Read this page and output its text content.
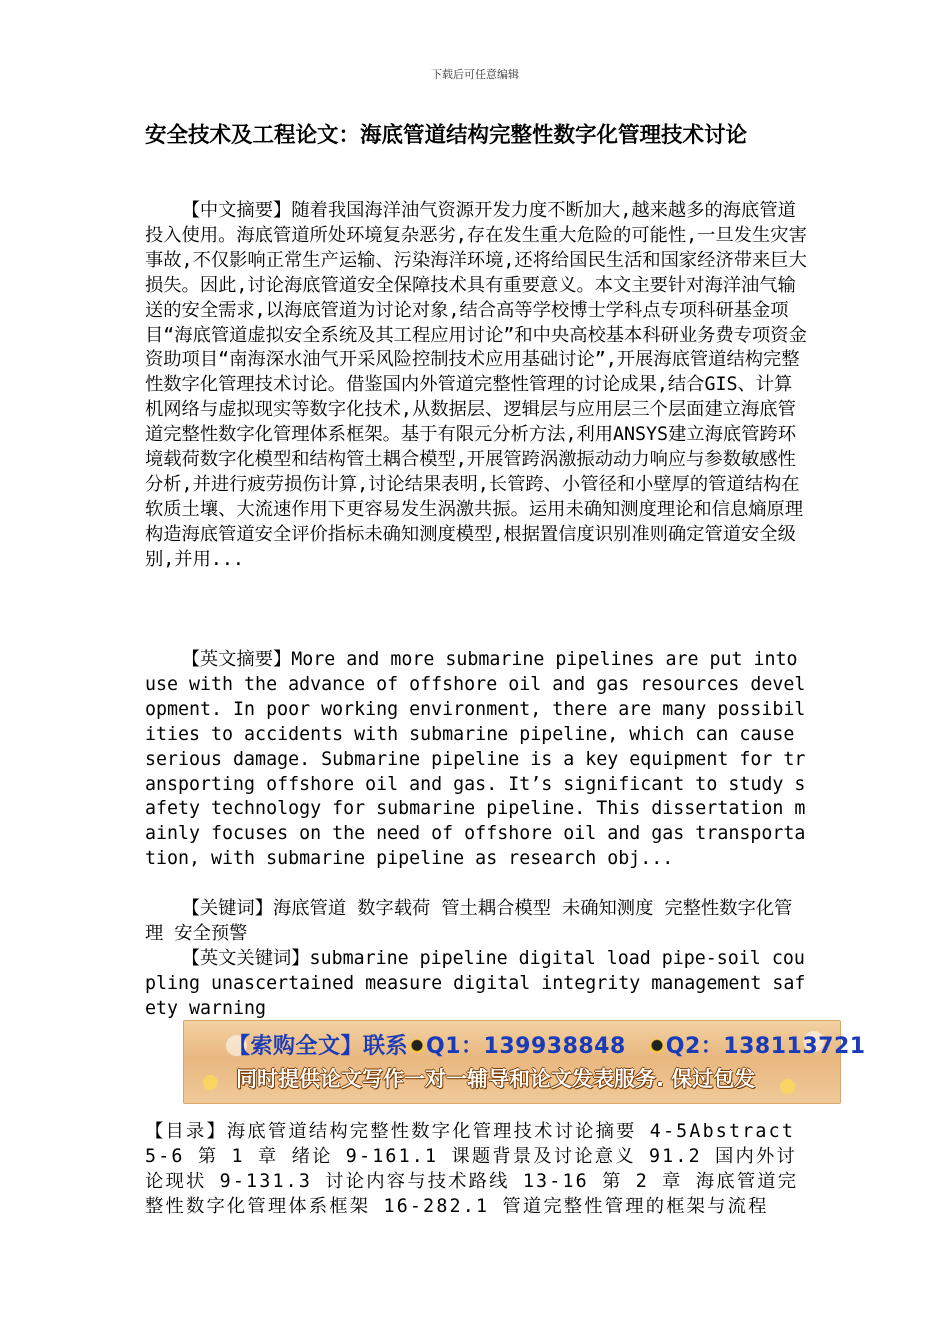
下载后可任意编辑
安全技术及工程论文：海底管道结构完整性数字化管理技术讨论

【中文摘要】随着我国海洋油气资源开发力度不断加大,越来越多的海底管道投入使用。海底管道所处环境复杂恶劣,存在发生重大危险的可能性,一旦发生灾害事故,不仅影响正常生产运输、污染海洋环境,还将给国民生活和国家经济带来巨大损失。因此,讨论海底管道安全保障技术具有重要意义。本文主要针对海洋油气输送的安全需求,以海底管道为讨论对象,结合高等学校博士学科点专项科研基金项目“海底管道虚拟安全系统及其工程应用讨论”和中央高校基本科研业务费专项资金资助项目“南海深水油气开采风险控制技术应用基础讨论”,开展海底管道结构完整性数字化管理技术讨论。借鉴国内外管道完整性管理的讨论成果,结合GIS、计算机网络与虚拟现实等数字化技术,从数据层、逻辑层与应用层三个层面建立海底管道完整性数字化管理体系框架。基于有限元分析方法,利用ANSYS建立海底管跨环境载荷数字化模型和结构管土耦合模型,开展管跨涡激振动动力响应与参数敏感性分析,并进行疲劳损伤计算,讨论结果表明,长管跨、小管径和小壁厚的管道结构在软质土壤、大流速作用下更容易发生涡激共振。运用未确知测度理论和信息熵原理构造海底管道安全评价指标未确知测度模型,根据置信度识别准则确定管道安全级别,并用...

【英文摘要】More and more submarine pipelines are put into use with the advance of offshore oil and gas resources development. In poor working environment, there are many possibilities to accidents with submarine pipeline, which can cause serious damage. Submarine pipeline is a key equipment for transporting offshore oil and gas. It’s significant to study safety technology for submarine pipeline. This dissertation mainly focuses on the need of offshore oil and gas transportation, with submarine pipeline as research obj...

【关键词】海底管道 数字载荷 管土耦合模型 未确知测度 完整性数字化管理 安全预警

【英文关键词】submarine pipeline digital load pipe-soil coupling unascertained measure digital integrity management safety warning

【索购全文】联系 Q1：139938848 Q2：138113721
同时提供论文写作一对一辅导和论文发表服务. 保过包发

【目录】海底管道结构完整性数字化管理技术讨论摘要 4-5Abstract5-6 第 1 章 绪论 9-161.1 课题背景及讨论意义 91.2 国内外讨论现状 9-131.3 讨论内容与技术路线 13-16 第 2 章 海底管道完整性数字化管理体系框架 16-282.1 管道完整性管理的框架与流程
